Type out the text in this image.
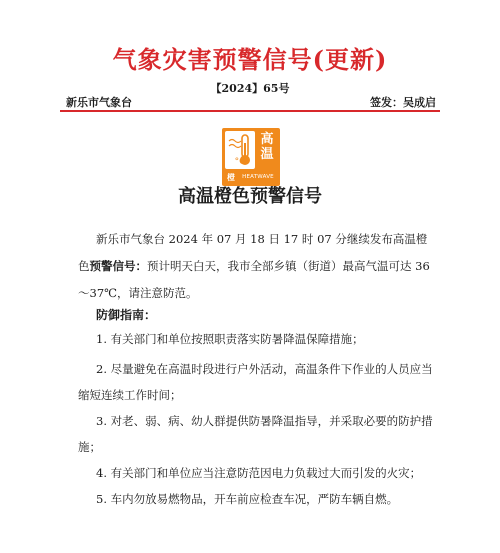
气象灾害预警信号(更新)
【2024】65号
新乐市气象台	签发：吴成启
°C
高
温
橙	HEATWAVE
高温橙色预警信号
新乐市气象台 2024 年 07 月 18 日 17 时 07 分继续发布高温橙色预警信号：预计明天白天，我市全部乡镇（街道）最高气温可达 36～37℃，请注意防范。
防御指南：
1. 有关部门和单位按照职责落实防暑降温保障措施；
2. 尽量避免在高温时段进行户外活动，高温条件下作业的人员应当缩短连续工作时间；
3. 对老、弱、病、幼人群提供防暑降温指导，并采取必要的防护措施；
4. 有关部门和单位应当注意防范因电力负载过大而引发的火灾；
5. 车内勿放易燃物品，开车前应检查车况，严防车辆自燃。
